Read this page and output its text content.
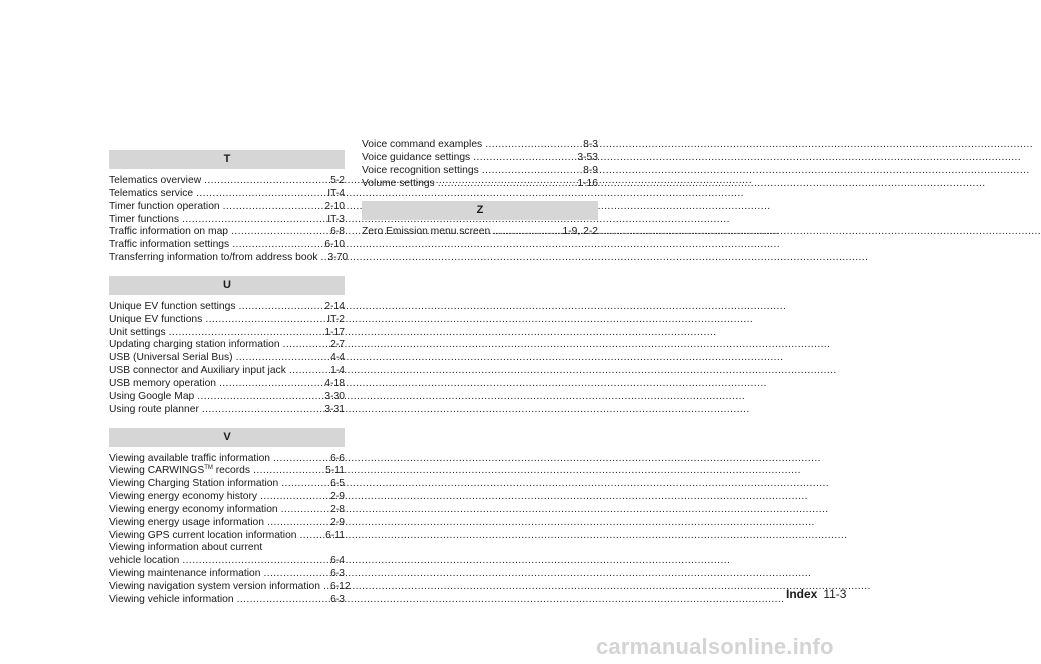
T
Telematics overview .....	5-2
Telematics service .....	IT-4
Timer function operation .....	2-10
Timer functions .....	IT-3
Traffic information on map .....	6-8
Traffic information settings .....	6-10
Transferring information to/from address book ..... 3-70
U
Unique EV function settings .....	2-14
Unique EV functions .....	IT-2
Unit settings .....	1-17
Updating charging station information .....	2-7
USB (Universal Serial Bus) .....	4-4
USB connector and Auxiliary input jack .....	1-4
USB memory operation .....	4-18
Using Google Map .....	3-30
Using route planner .....	3-31
V
Viewing available traffic information .....	6-6
Viewing CARWINGS™ records .....	5-11
Viewing Charging Station information .....	6-5
Viewing energy economy history .....	2-9
Viewing energy economy information .....	2-8
Viewing energy usage information .....	2-9
Viewing GPS current location information .....	6-11
Viewing information about current
vehicle location .....	6-4
Viewing maintenance information .....	6-3
Viewing navigation system version information ..... 6-12
Viewing vehicle information .....	6-3
Voice command examples .....	8-3
Voice guidance settings .....	3-53
Voice recognition settings .....	8-9
Volume settings .....	1-16
Z
Zero Emission menu screen .....	1-9, 2-2
Index 11-3
carmanualsonline.info
